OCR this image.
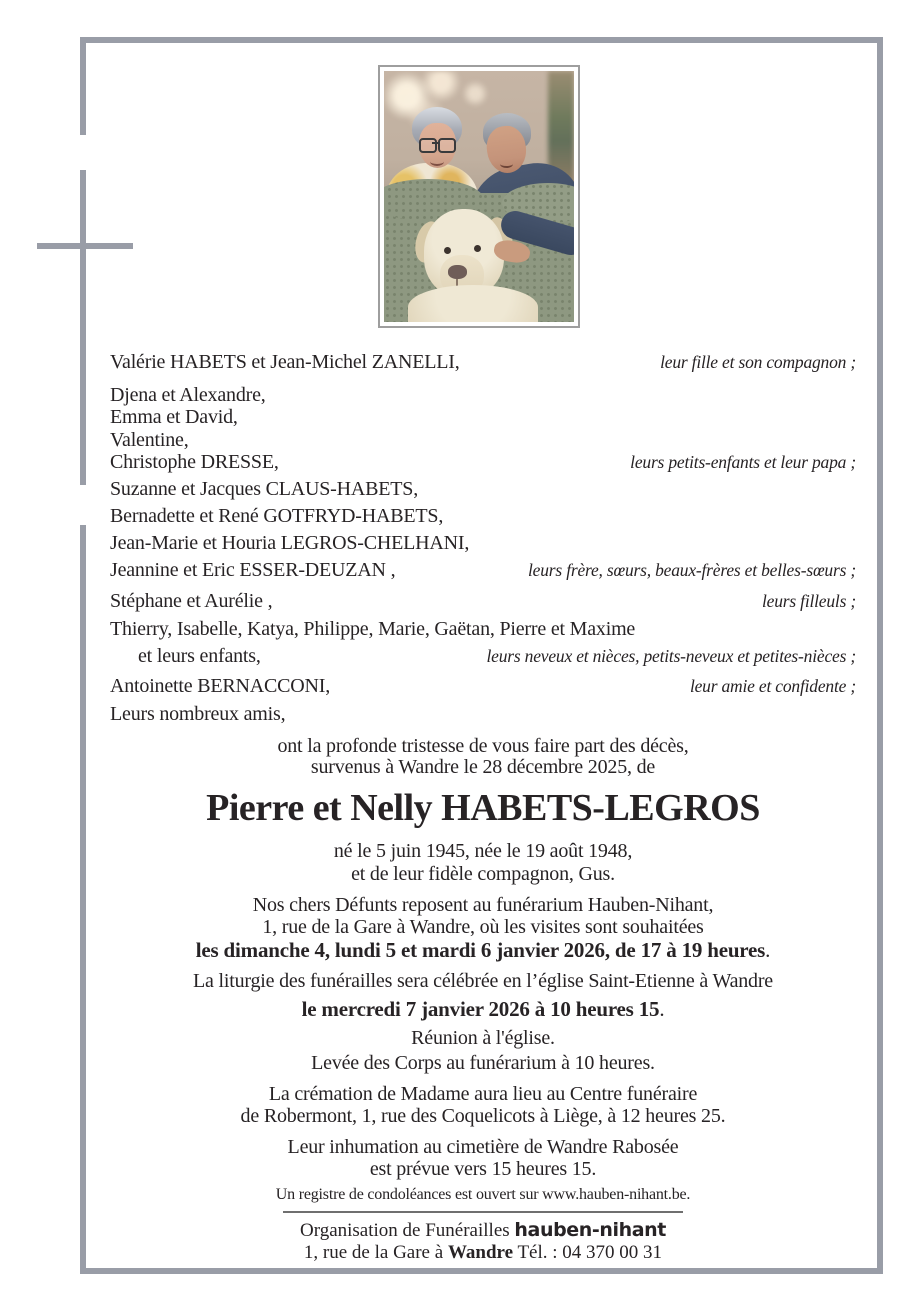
Valérie HABETS et Jean-Michel ZANELLI,	leur fille et son compagnon ;
Djena et Alexandre,
Emma et David,
Valentine,
Christophe DRESSE,	leurs petits-enfants et leur papa ;
Suzanne et Jacques CLAUS-HABETS,
Bernadette et René GOTFRYD-HABETS,
Jean-Marie et Houria LEGROS-CHELHANI,
Jeannine et Eric ESSER-DEUZAN ,	leurs frère, sœurs, beaux-frères et belles-sœurs ;
Stéphane et Aurélie ,	leurs filleuls ;
Thierry, Isabelle, Katya, Philippe, Marie, Gaëtan, Pierre et Maxime
et leurs enfants,	leurs neveux et nièces, petits-neveux et petites-nièces ;
Antoinette BERNACCONI,	leur amie et confidente ;
Leurs nombreux amis,
ont la profonde tristesse de vous faire part des décès,
survenus à Wandre le 28 décembre 2025, de
Pierre et Nelly HABETS-LEGROS
né le 5 juin 1945, née le 19 août 1948,
et de leur fidèle compagnon, Gus.
Nos chers Défunts reposent au funérarium Hauben-Nihant,
1, rue de la Gare à Wandre, où les visites sont souhaitées
les dimanche 4, lundi 5 et mardi 6 janvier 2026, de 17 à 19 heures.
La liturgie des funérailles sera célébrée en l’église Saint-Etienne à Wandre
le mercredi 7 janvier 2026 à 10 heures 15.
Réunion à l'église.
Levée des Corps au funérarium à 10 heures.
La crémation de Madame aura lieu au Centre funéraire
de Robermont, 1, rue des Coquelicots à Liège, à 12 heures 25.
Leur inhumation au cimetière de Wandre Rabosée
est prévue vers 15 heures 15.
Un registre de condoléances est ouvert sur www.hauben-nihant.be.
Organisation de Funérailles hauben-nihant
1, rue de la Gare à Wandre Tél. : 04 370 00 31
